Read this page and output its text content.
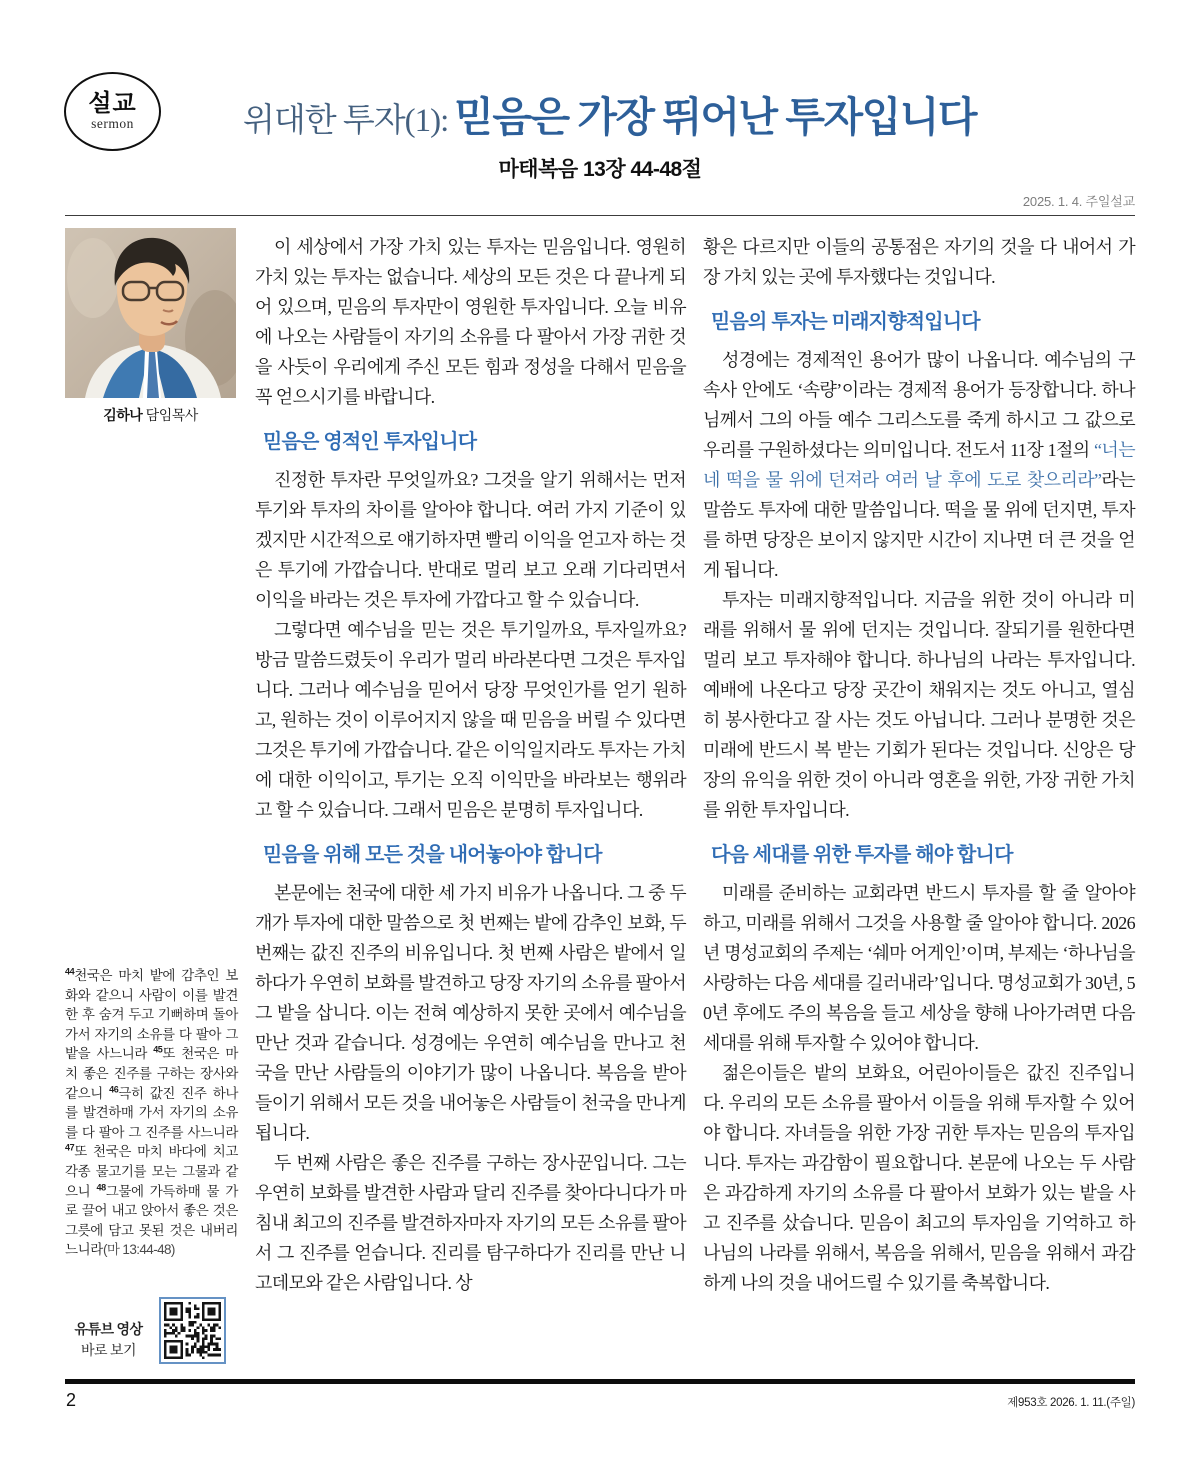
설교
sermon	위대한 투자(1): 믿음은 가장 뛰어난 투자입니다
마태복음 13장 44-48절
2025. 1. 4. 주일설교
김하나 담임목사
$^{44}$천국은 마치 밭에 감추인 보화와 같으니 사람이 이를 발견한 후 숨겨 두고 기뻐하며 돌아가서 자기의 소유를 다 팔아 그 밭을 사느니라 $^{45}$또 천국은 마치 좋은 진주를 구하는 장사와 같으니 $^{46}$극히 값진 진주 하나를 발견하매 가서 자기의 소유를 다 팔아 그 진주를 사느니라 $^{47}$또 천국은 마치 바다에 치고 각종 물고기를 모는 그물과 같으니 $^{48}$그물에 가득하매 물 가로 끌어 내고 앉아서 좋은 것은 그릇에 담고 못된 것은 내버리느니라(마 13:44-48)
유튜브 영상
바로 보기

이 세상에서 가장 가치 있는 투자는 믿음입니다. 영원히 가치 있는 투자는 없습니다. 세상의 모든 것은 다 끝나게 되어 있으며, 믿음의 투자만이 영원한 투자입니다. 오늘 비유에 나오는 사람들이 자기의 소유를 다 팔아서 가장 귀한 것을 사듯이 우리에게 주신 모든 힘과 정성을 다해서 믿음을 꼭 얻으시기를 바랍니다.

믿음은 영적인 투자입니다

진정한 투자란 무엇일까요? 그것을 알기 위해서는 먼저 투기와 투자의 차이를 알아야 합니다. 여러 가지 기준이 있겠지만 시간적으로 얘기하자면 빨리 이익을 얻고자 하는 것은 투기에 가깝습니다. 반대로 멀리 보고 오래 기다리면서 이익을 바라는 것은 투자에 가깝다고 할 수 있습니다.

그렇다면 예수님을 믿는 것은 투기일까요, 투자일까요? 방금 말씀드렸듯이 우리가 멀리 바라본다면 그것은 투자입니다. 그러나 예수님을 믿어서 당장 무엇인가를 얻기 원하고, 원하는 것이 이루어지지 않을 때 믿음을 버릴 수 있다면 그것은 투기에 가깝습니다. 같은 이익일지라도 투자는 가치에 대한 이익이고, 투기는 오직 이익만을 바라보는 행위라고 할 수 있습니다. 그래서 믿음은 분명히 투자입니다.

믿음을 위해 모든 것을 내어놓아야 합니다

본문에는 천국에 대한 세 가지 비유가 나옵니다. 그 중 두 개가 투자에 대한 말씀으로 첫 번째는 밭에 감추인 보화, 두 번째는 값진 진주의 비유입니다. 첫 번째 사람은 밭에서 일하다가 우연히 보화를 발견하고 당장 자기의 소유를 팔아서 그 밭을 삽니다. 이는 전혀 예상하지 못한 곳에서 예수님을 만난 것과 같습니다. 성경에는 우연히 예수님을 만나고 천국을 만난 사람들의 이야기가 많이 나옵니다. 복음을 받아들이기 위해서 모든 것을 내어놓은 사람들이 천국을 만나게 됩니다.

두 번째 사람은 좋은 진주를 구하는 장사꾼입니다. 그는 우연히 보화를 발견한 사람과 달리 진주를 찾아다니다가 마침내 최고의 진주를 발견하자마자 자기의 모든 소유를 팔아서 그 진주를 얻습니다. 진리를 탐구하다가 진리를 만난 니고데모와 같은 사람입니다. 상

황은 다르지만 이들의 공통점은 자기의 것을 다 내어서 가장 가치 있는 곳에 투자했다는 것입니다.

믿음의 투자는 미래지향적입니다

성경에는 경제적인 용어가 많이 나옵니다. 예수님의 구속사 안에도 ‘속량’이라는 경제적 용어가 등장합니다. 하나님께서 그의 아들 예수 그리스도를 죽게 하시고 그 값으로 우리를 구원하셨다는 의미입니다. 전도서 11장 1절의 “너는 네 떡을 물 위에 던져라 여러 날 후에 도로 찾으리라”라는 말씀도 투자에 대한 말씀입니다. 떡을 물 위에 던지면, 투자를 하면 당장은 보이지 않지만 시간이 지나면 더 큰 것을 얻게 됩니다.

투자는 미래지향적입니다. 지금을 위한 것이 아니라 미래를 위해서 물 위에 던지는 것입니다. 잘되기를 원한다면 멀리 보고 투자해야 합니다. 하나님의 나라는 투자입니다. 예배에 나온다고 당장 곳간이 채워지는 것도 아니고, 열심히 봉사한다고 잘 사는 것도 아닙니다. 그러나 분명한 것은 미래에 반드시 복 받는 기회가 된다는 것입니다. 신앙은 당장의 유익을 위한 것이 아니라 영혼을 위한, 가장 귀한 가치를 위한 투자입니다.

다음 세대를 위한 투자를 해야 합니다

미래를 준비하는 교회라면 반드시 투자를 할 줄 알아야 하고, 미래를 위해서 그것을 사용할 줄 알아야 합니다. 2026년 명성교회의 주제는 ‘쉐마 어게인’이며, 부제는 ‘하나님을 사랑하는 다음 세대를 길러내라’입니다. 명성교회가 30년, 50년 후에도 주의 복음을 들고 세상을 향해 나아가려면 다음 세대를 위해 투자할 수 있어야 합니다.

젊은이들은 밭의 보화요, 어린아이들은 값진 진주입니다. 우리의 모든 소유를 팔아서 이들을 위해 투자할 수 있어야 합니다. 자녀들을 위한 가장 귀한 투자는 믿음의 투자입니다. 투자는 과감함이 필요합니다. 본문에 나오는 두 사람은 과감하게 자기의 소유를 다 팔아서 보화가 있는 밭을 사고 진주를 샀습니다. 믿음이 최고의 투자임을 기억하고 하나님의 나라를 위해서, 복음을 위해서, 믿음을 위해서 과감하게 나의 것을 내어드릴 수 있기를 축복합니다.

2	제953호 2026. 1. 11.(주일)
